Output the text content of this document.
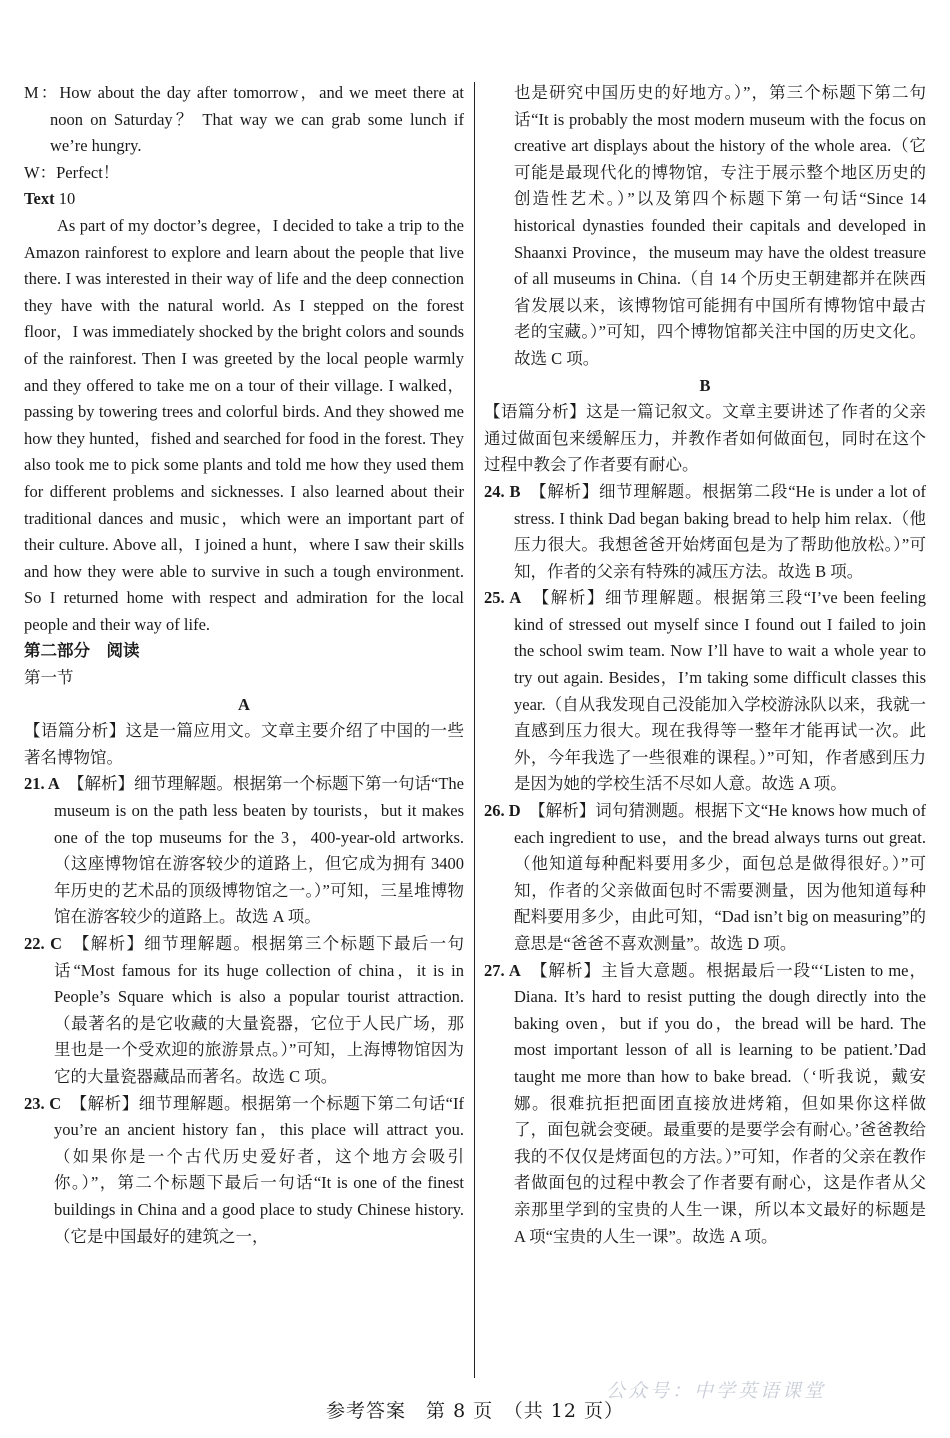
M：How about the day after tomorrow，and we meet there at noon on Saturday？ That way we can grab some lunch if we’re hungry.

W：Perfect！

Text 10

As part of my doctor’s degree，I decided to take a trip to the Amazon rainforest to explore and learn about the people that live there. I was interested in their way of life and the deep connection they have with the natural world. As I stepped on the forest floor，I was immediately shocked by the bright colors and sounds of the rainforest. Then I was greeted by the local people warmly and they offered to take me on a tour of their village. I walked，passing by towering trees and colorful birds. And they showed me how they hunted，fished and searched for food in the forest. They also took me to pick some plants and told me how they used them for different problems and sicknesses. I also learned about their traditional dances and music，which were an important part of their culture. Above all，I joined a hunt，where I saw their skills and how they were able to survive in such a tough environment. So I returned home with respect and admiration for the local people and their way of life.

第二部分　阅读

第一节

A

【语篇分析】这是一篇应用文。文章主要介绍了中国的一些著名博物馆。

21. A　 【解析】细节理解题。根据第一个标题下第一句话“The museum is on the path less beaten by tourists，but it makes one of the top museums for the 3，400-year-old artworks.（这座博物馆在游客较少的道路上，但它成为拥有 3400 年历史的艺术品的顶级博物馆之一。）”可知，三星堆博物馆在游客较少的道路上。故选 A 项。

22. C　 【解析】细节理解题。根据第三个标题下最后一句话“Most famous for its huge collection of china，it is in People’s Square which is also a popular tourist attraction.（最著名的是它收藏的大量瓷器，它位于人民广场，那里也是一个受欢迎的旅游景点。）”可知，上海博物馆因为它的大量瓷器藏品而著名。故选 C 项。

23. C　 【解析】细节理解题。根据第一个标题下第二句话“If you’re an ancient history fan，this place will attract you.（如果你是一个古代历史爱好者，这个地方会吸引你。）”，第二个标题下最后一句话“It is one of the finest buildings in China and a good place to study Chinese history.（它是中国最好的建筑之一，

也是研究中国历史的好地方。）”，第三个标题下第二句话“It is probably the most modern museum with the focus on creative art displays about the history of the whole area.（它可能是最现代化的博物馆，专注于展示整个地区历史的创造性艺术。）”以及第四个标题下第一句话“Since 14 historical dynasties founded their capitals and developed in Shaanxi Province，the museum may have the oldest treasure of all museums in China.（自 14 个历史王朝建都并在陕西省发展以来，该博物馆可能拥有中国所有博物馆中最古老的宝藏。）”可知，四个博物馆都关注中国的历史文化。故选 C 项。

B

【语篇分析】这是一篇记叙文。文章主要讲述了作者的父亲通过做面包来缓解压力，并教作者如何做面包，同时在这个过程中教会了作者要有耐心。

24. B　 【解析】细节理解题。根据第二段“He is under a lot of stress. I think Dad began baking bread to help him relax.（他压力很大。我想爸爸开始烤面包是为了帮助他放松。）”可知，作者的父亲有特殊的减压方法。故选 B 项。

25. A　 【解析】细节理解题。根据第三段“I’ve been feeling kind of stressed out myself since I found out I failed to join the school swim team. Now I’ll have to wait a whole year to try out again. Besides，I’m taking some difficult classes this year.（自从我发现自己没能加入学校游泳队以来，我就一直感到压力很大。现在我得等一整年才能再试一次。此外，今年我选了一些很难的课程。）”可知，作者感到压力是因为她的学校生活不尽如人意。故选 A 项。

26. D　 【解析】词句猜测题。根据下文“He knows how much of each ingredient to use，and the bread always turns out great.（他知道每种配料要用多少，面包总是做得很好。）”可知，作者的父亲做面包时不需要测量，因为他知道每种配料要用多少，由此可知，“Dad isn’t big on measuring”的意思是“爸爸不喜欢测量”。故选 D 项。

27. A　 【解析】主旨大意题。根据最后一段“‘Listen to me，Diana. It’s hard to resist putting the dough directly into the baking oven，but if you do，the bread will be hard. The most important lesson of all is learning to be patient.’Dad taught me more than how to bake bread.（‘听我说，戴安娜。很难抗拒把面团直接放进烤箱，但如果你这样做了，面包就会变硬。最重要的是要学会有耐心。’爸爸教给我的不仅仅是烤面包的方法。）”可知，作者的父亲在教作者做面包的过程中教会了作者要有耐心，这是作者从父亲那里学到的宝贵的人生一课，所以本文最好的标题是 A 项“宝贵的人生一课”。故选 A 项。

公众号：中学英语课堂
参考答案　第 8 页　（共 12 页）
